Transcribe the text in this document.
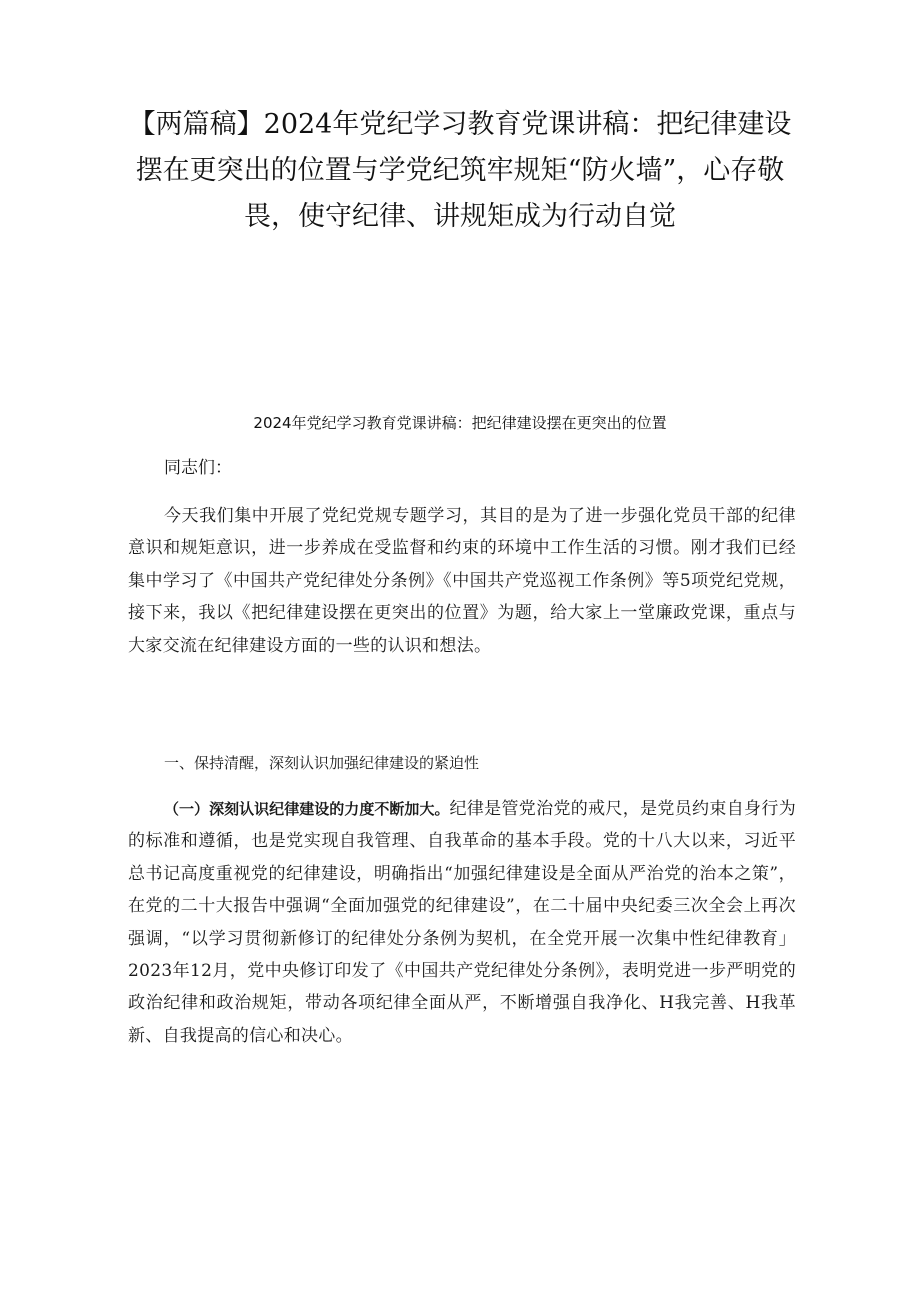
【两篇稿】2024年党纪学习教育党课讲稿：把纪律建设摆在更突出的位置与学党纪筑牢规矩“防火墙”，心存敬畏，使守纪律、讲规矩成为行动自觉
2024年党纪学习教育党课讲稿：把纪律建设摆在更突出的位置

同志们：

今天我们集中开展了党纪党规专题学习，其目的是为了进一步强化党员干部的纪律意识和规矩意识，进一步养成在受监督和约束的环境中工作生活的习惯。刚才我们已经集中学习了《中国共产党纪律处分条例》《中国共产党巡视工作条例》等5项党纪党规，接下来，我以《把纪律建设摆在更突出的位置》为题，给大家上一堂廉政党课，重点与大家交流在纪律建设方面的一些的认识和想法。

一、保持清醒，深刻认识加强纪律建设的紧迫性

（一）深刻认识纪律建设的力度不断加大。纪律是管党治党的戒尺，是党员约束自身行为的标准和遵循，也是党实现自我管理、自我革命的基本手段。党的十八大以来，习近平总书记高度重视党的纪律建设，明确指出“加强纪律建设是全面从严治党的治本之策”，在党的二十大报告中强调“全面加强党的纪律建设”，在二十届中央纪委三次全会上再次强调，“以学习贯彻新修订的纪律处分条例为契机，在全党开展一次集中性纪律教育」2023年12月，党中央修订印发了《中国共产党纪律处分条例》，表明党进一步严明党的政治纪律和政治规矩，带动各项纪律全面从严，不断增强自我净化、H我完善、H我革新、自我提高的信心和决心。
